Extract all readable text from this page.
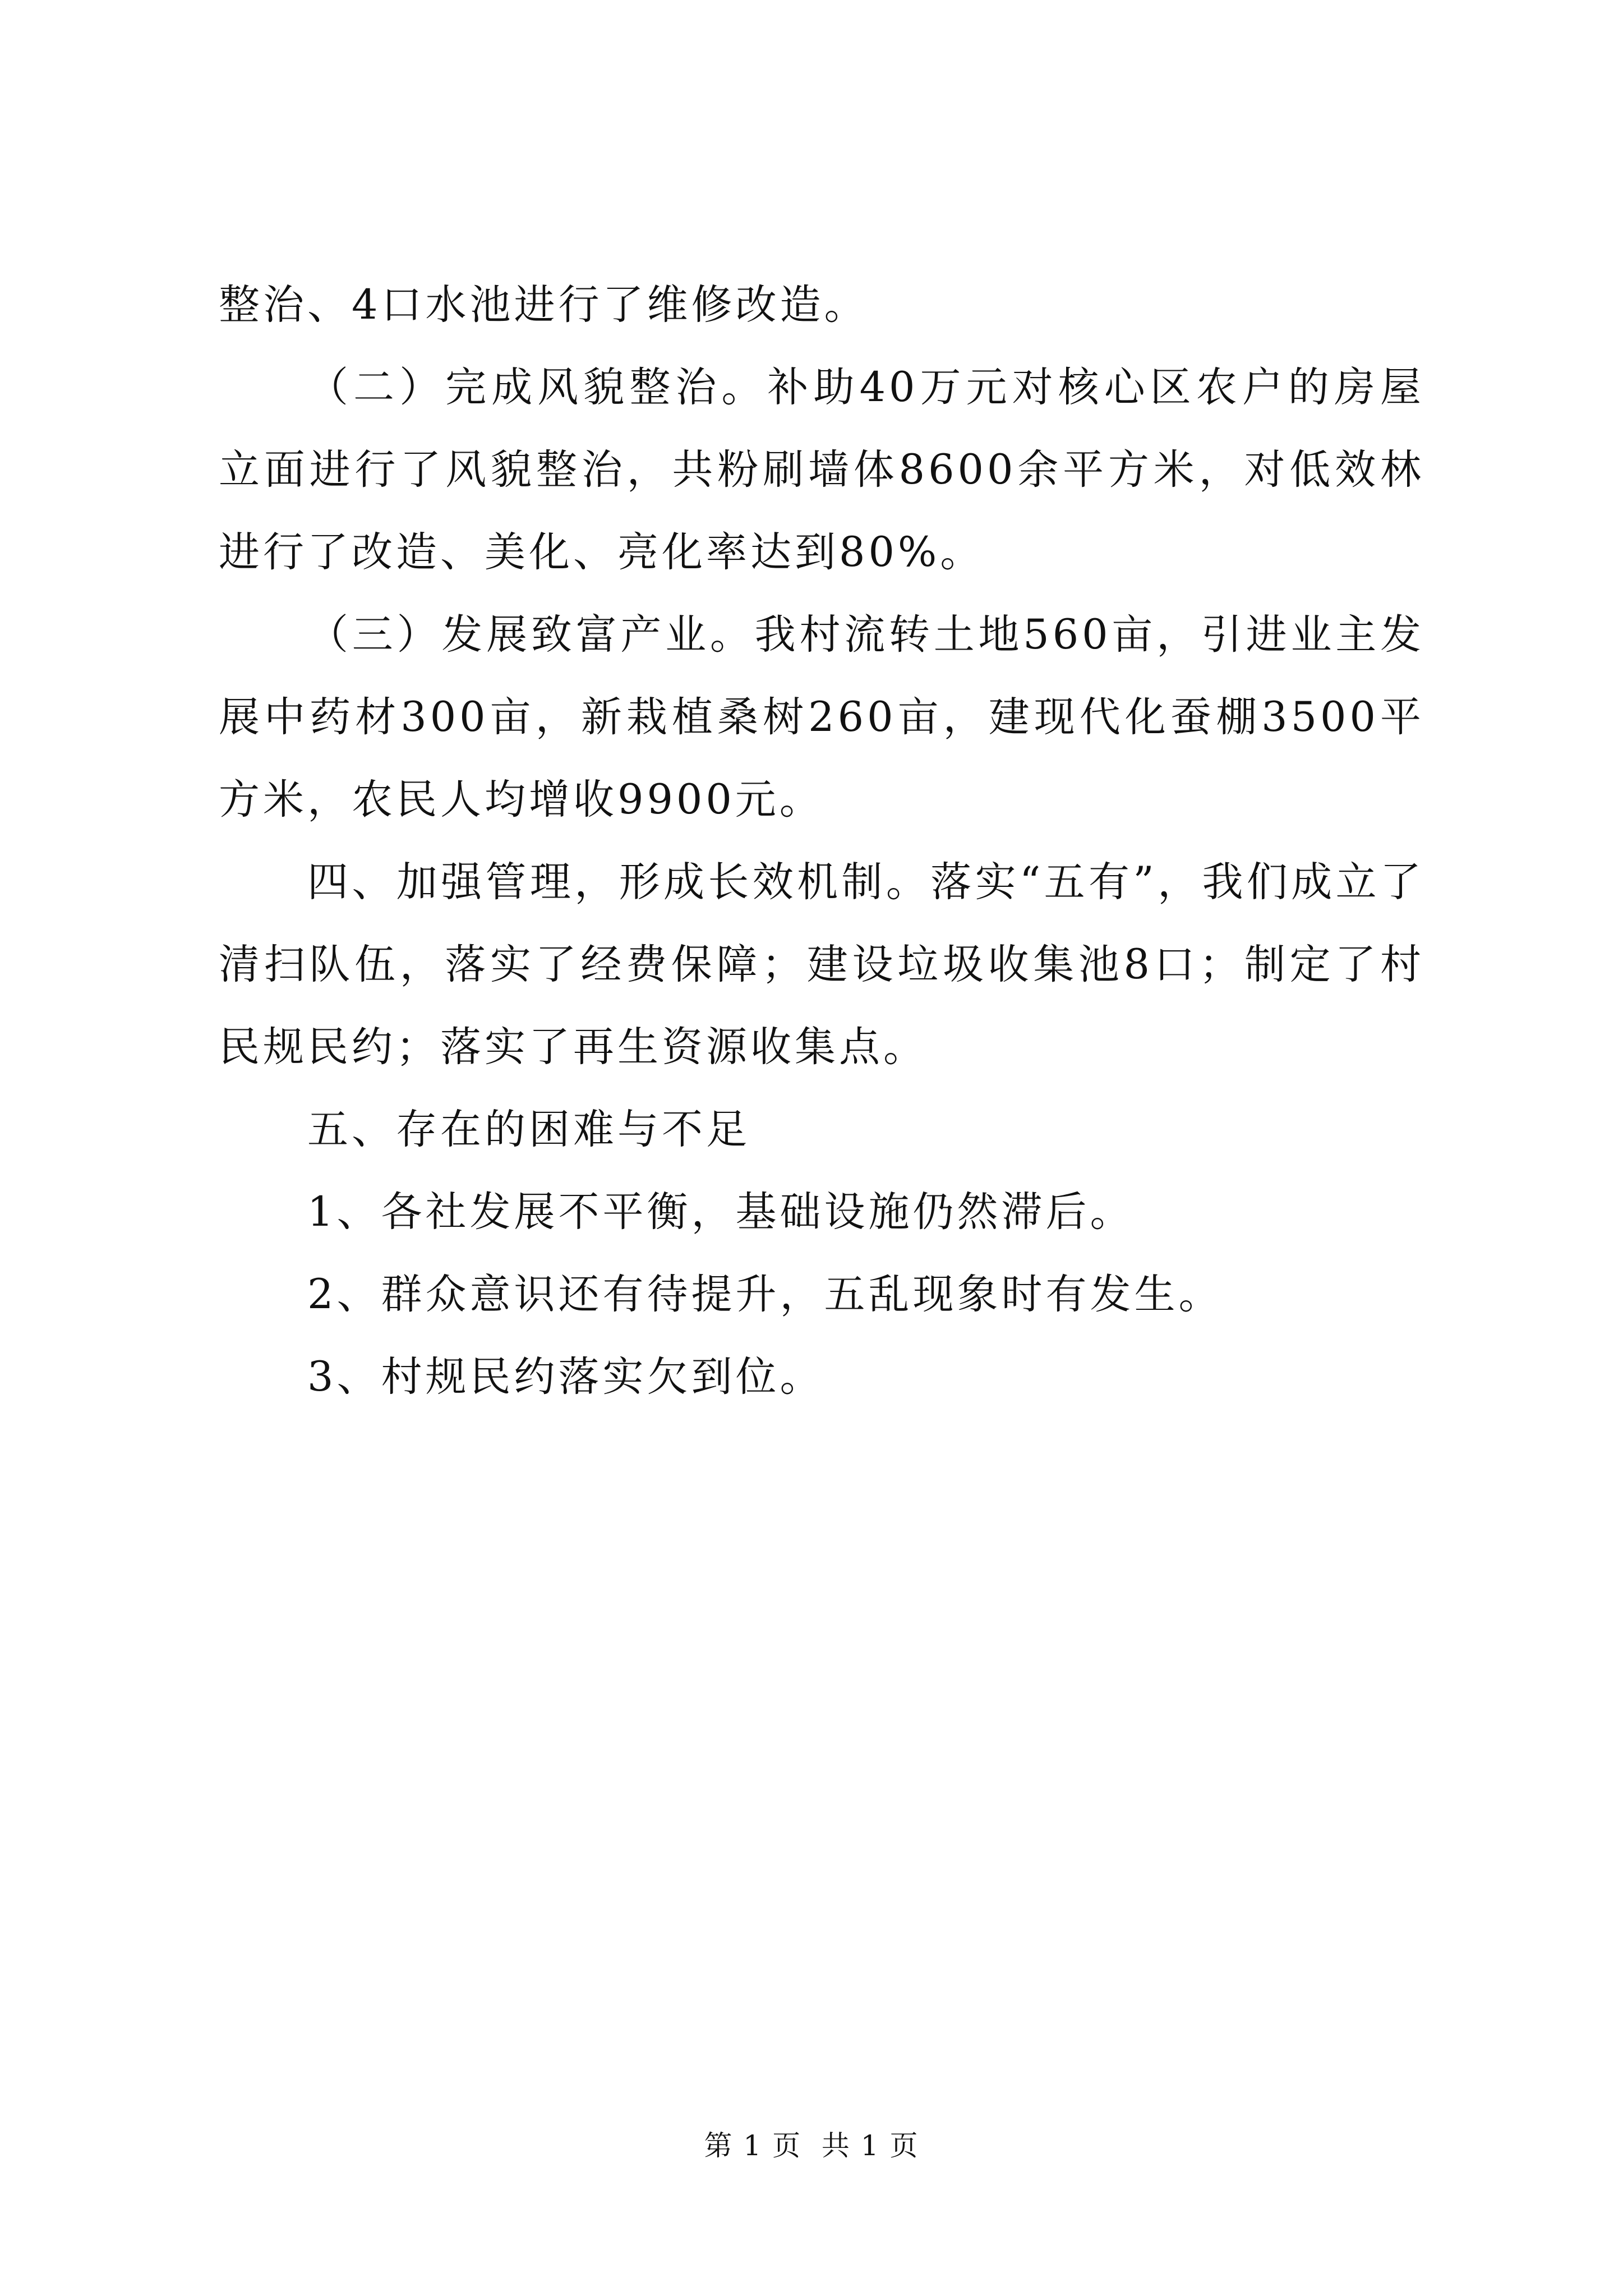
整治、4口水池进行了维修改造。

（二）完成风貌整治。补助40万元对核心区农户的房屋立面进行了风貌整治，共粉刷墙体8600余平方米，对低效林进行了改造、美化、亮化率达到80%。

（三）发展致富产业。我村流转土地560亩，引进业主发展中药材300亩，新栽植桑树260亩，建现代化蚕棚3500平方米，农民人均增收9900元。

四、加强管理，形成长效机制。落实“五有”，我们成立了清扫队伍，落实了经费保障；建设垃圾收集池8口；制定了村民规民约；落实了再生资源收集点。

五、存在的困难与不足

1、各社发展不平衡，基础设施仍然滞后。

2、群众意识还有待提升，五乱现象时有发生。

3、村规民约落实欠到位。

第 1 页  共 1 页
